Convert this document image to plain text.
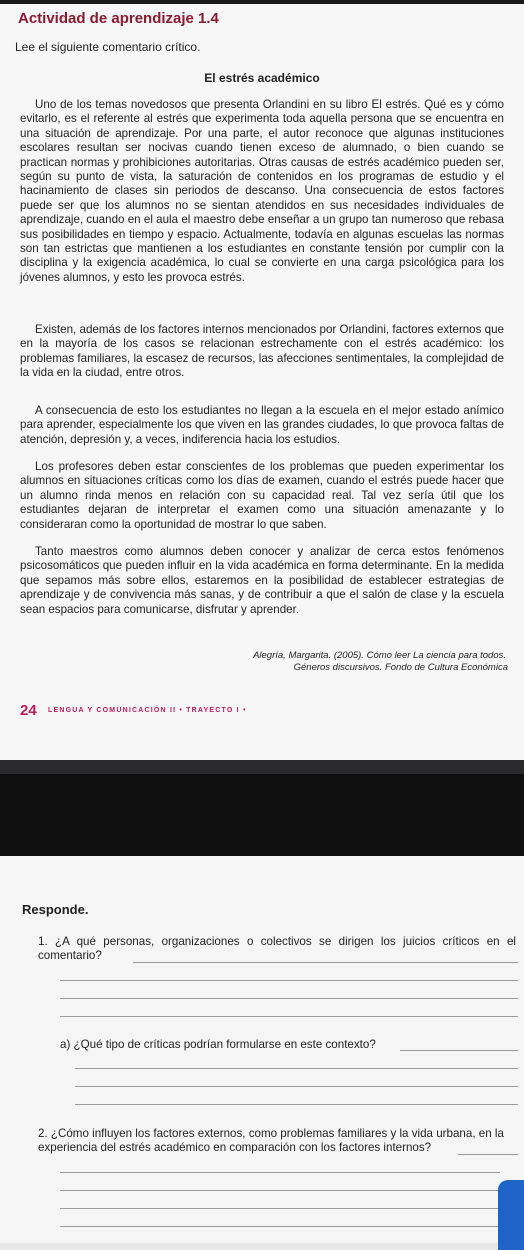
Actividad de aprendizaje 1.4
Lee el siguiente comentario crítico.
El estrés académico

Uno de los temas novedosos que presenta Orlandini en su libro El estrés. Qué es y cómo evitarlo, es el referente al estrés que experimenta toda aquella persona que se encuentra en una situación de aprendizaje. Por una parte, el autor reconoce que algunas instituciones escolares resultan ser nocivas cuando tienen exceso de alumnado, o bien cuando se practican normas y prohibiciones autoritarias. Otras causas de estrés académico pueden ser, según su punto de vista, la saturación de contenidos en los programas de estudio y el hacinamiento de clases sin periodos de descanso. Una consecuencia de estos factores puede ser que los alumnos no se sientan atendidos en sus necesidades individuales de aprendizaje, cuando en el aula el maestro debe enseñar a un grupo tan numeroso que rebasa sus posibilidades en tiempo y espacio. Actualmente, todavía en algunas escuelas las normas son tan estrictas que mantienen a los estudiantes en constante tensión por cumplir con la disciplina y la exigencia académica, lo cual se convierte en una carga psicológica para los jóvenes alumnos, y esto les provoca estrés.

Existen, además de los factores internos mencionados por Orlandini, factores externos que en la mayoría de los casos se relacionan estrechamente con el estrés académico: los problemas familiares, la escasez de recursos, las afecciones sentimentales, la complejidad de la vida en la ciudad, entre otros.

A consecuencia de esto los estudiantes no llegan a la escuela en el mejor estado anímico para aprender, especialmente los que viven en las grandes ciudades, lo que provoca faltas de atención, depresión y, a veces, indiferencia hacia los estudios.

Los profesores deben estar conscientes de los problemas que pueden experimentar los alumnos en situaciones críticas como los días de examen, cuando el estrés puede hacer que un alumno rinda menos en relación con su capacidad real. Tal vez sería útil que los estudiantes dejaran de interpretar el examen como una situación amenazante y lo consideraran como la oportunidad de mostrar lo que saben.

Tanto maestros como alumnos deben conocer y analizar de cerca estos fenómenos psicosomáticos que pueden influir en la vida académica en forma determinante. En la medida que sepamos más sobre ellos, estaremos en la posibilidad de establecer estrategias de aprendizaje y de convivencia más sanas, y de contribuir a que el salón de clase y la escuela sean espacios para comunicarse, disfrutar y aprender.

Alegría, Margarita. (2005). Cómo leer La ciencia para todos.
Géneros discursivos. Fondo de Cultura Económica
24 LENGUA Y COMUNICACIÓN II • TRAYECTO I •
Responde.

1. ¿A qué personas, organizaciones o colectivos se dirigen los juicios críticos en el comentario?

a) ¿Qué tipo de críticas podrían formularse en este contexto?

2. ¿Cómo influyen los factores externos, como problemas familiares y la vida urbana, en la experiencia del estrés académico en comparación con los factores internos?
